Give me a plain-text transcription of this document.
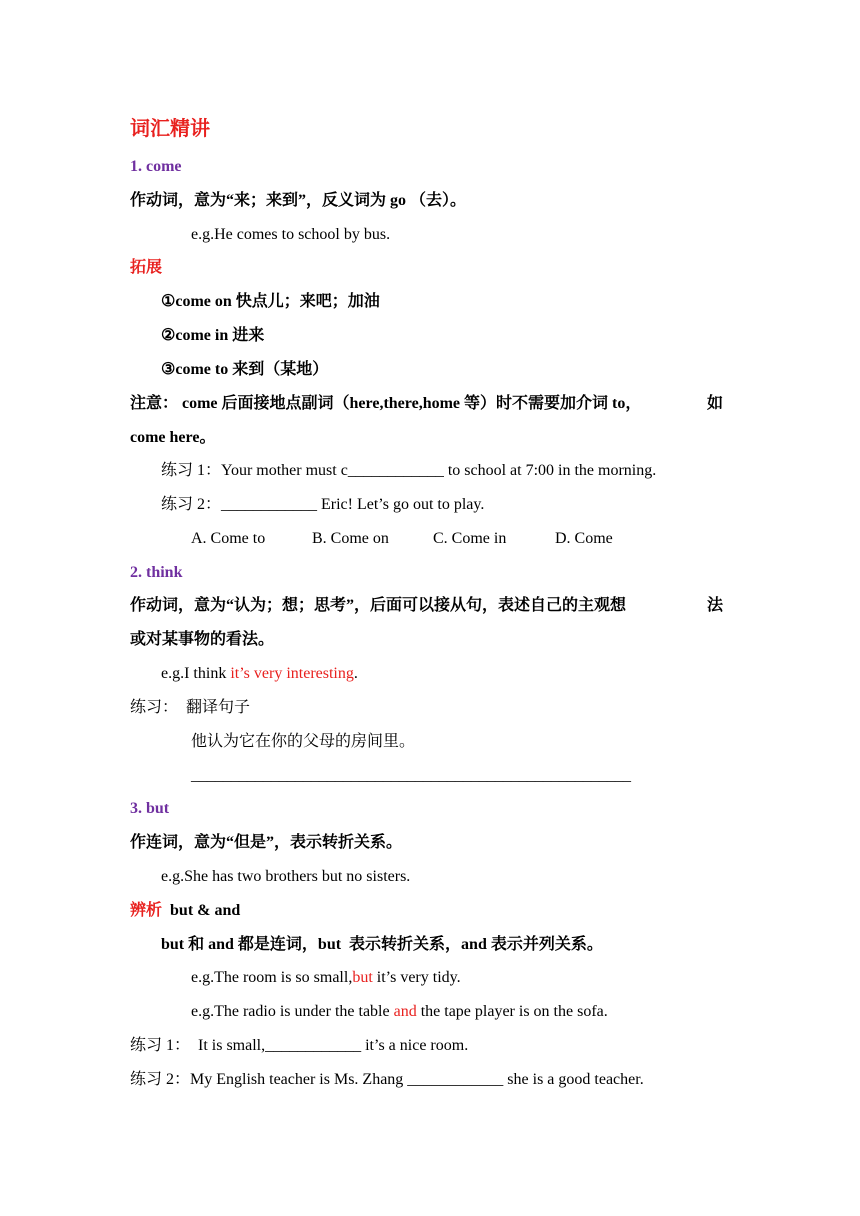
词汇精讲
1. come
作动词，意为“来；来到”，反义词为 go （去）。
e.g.He comes to school by bus.
拓展
①come on 快点儿；来吧；加油
②come in 进来
③come to 来到（某地）
注意： come 后面接地点副词（here,there,home 等）时不需要加介词 to，	如
come here。
练习 1：Your mother must c____________ to school at 7:00 in the morning.
练习 2：____________ Eric! Let’s go out to play.
A. Come to	B. Come on	C. Come in	D. Come
2. think
作动词，意为“认为；想；思考”，后面可以接从句，表述自己的主观想	法
或对某事物的看法。
e.g.I think it’s very interesting.
练习：  翻译句子
他认为它在你的父母的房间里。
_______________________________________________________
3. but
作连词，意为“但是”，表示转折关系。
e.g.She has two brothers but no sisters.
辨析  but & and
but 和 and 都是连词，but  表示转折关系，and 表示并列关系。
e.g.The room is so small,but it’s very tidy.
e.g.The radio is under the table and the tape player is on the sofa.
练习 1：  It is small,____________ it’s a nice room.
练习 2：My English teacher is Ms. Zhang ____________ she is a good teacher.
